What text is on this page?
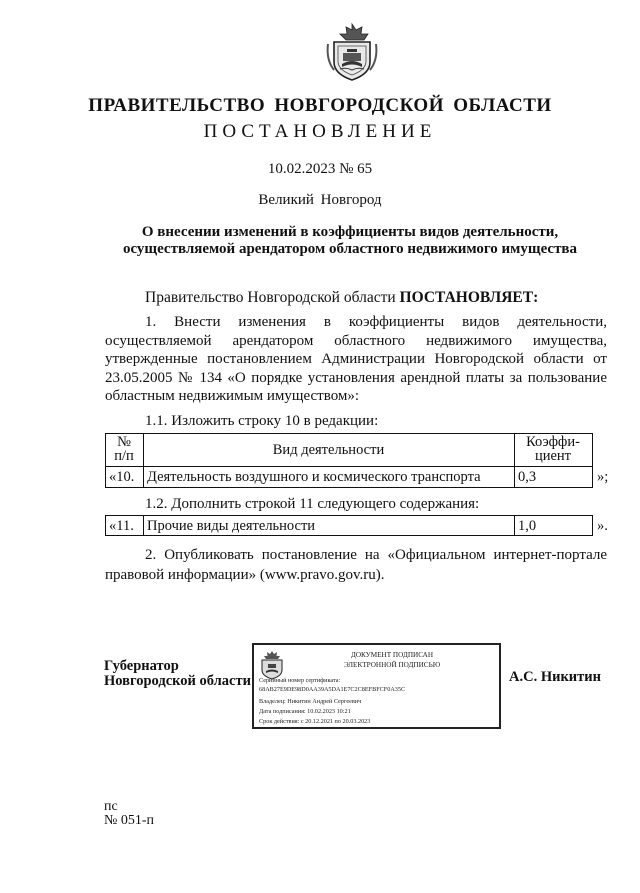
ПРАВИТЕЛЬСТВО НОВГОРОДСКОЙ ОБЛАСТИ
ПОСТАНОВЛЕНИЕ
10.02.2023 № 65
Великий Новгород
О внесении изменений в коэффициенты видов деятельности,
осуществляемой арендатором областного недвижимого имущества
Правительство Новгородской области ПОСТАНОВЛЯЕТ:
1. Внести изменения в коэффициенты видов деятельности, осуществляемой арендатором областного недвижимого имущества, утвержденные постановлением Администрации Новгородской области от 23.05.2005 № 134 «О порядке установления арендной платы за пользование областным недвижимым имуществом»:
1.1. Изложить строку 10 в редакции:
№
п/п	Вид деятельности	Коэффи-
циент
«10. Деятельность воздушного и космического транспорта	0,3	»;
1.2. Дополнить строкой 11 следующего содержания:
«11. Прочие виды деятельности	1,0	».
2. Опубликовать постановление на «Официальном интернет-портале правовой информации» (www.pravo.gov.ru).
Губернатор
Новгородской области
ДОКУМЕНТ ПОДПИСАН
ЭЛЕКТРОННОЙ ПОДПИСЬЮ
Серийный номер сертификата:
68AB27E9DE98D0AA39A5DA1E7C2C8EFBFCF0A35C
Владелец: Никитин Андрей Сергеевич
Дата подписания: 10.02.2023 10:21
Срок действия: с 20.12.2021 по 20.03.2023
А.С. Никитин
пс
№ 051-п
